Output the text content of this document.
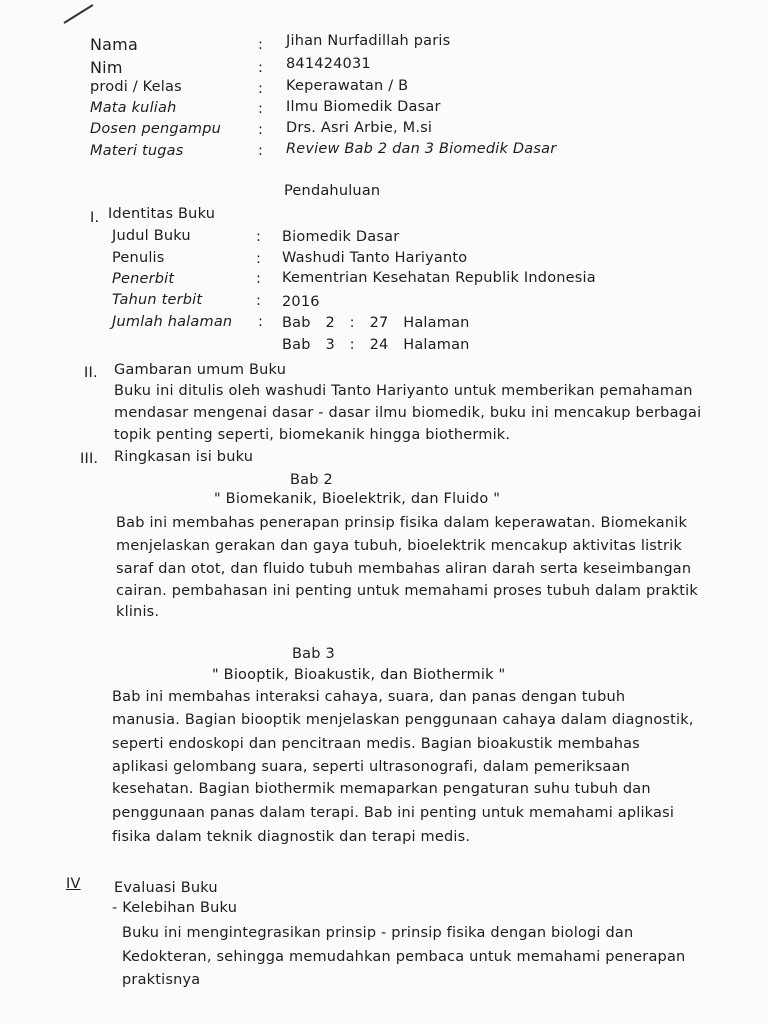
Nama	: Jihan Nurfadillah paris
Nim	: 841424031
prodi / Kelas	: Keperawatan / B
Mata kuliah	: Ilmu Biomedik Dasar
Dosen pengampu	: Drs. Asri Arbie, M.si
Materi tugas	: Review Bab 2 dan 3 Biomedik Dasar
Pendahuluan
I. Identitas Buku
Judul Buku	: Biomedik Dasar
Penulis	: Washudi Tanto Hariyanto
Penerbit	: Kementrian Kesehatan Republik Indonesia
Tahun terbit	: 2016
Jumlah halaman : Bab 2 : 27 Halaman
Bab 3 : 24 Halaman
II. Gambaran umum Buku
Buku ini ditulis oleh washudi Tanto Hariyanto untuk memberikan pemahaman
mendasar mengenai dasar - dasar ilmu biomedik, buku ini mencakup berbagai
topik penting seperti, biomekanik hingga biothermik.
III. Ringkasan isi buku
Bab 2
" Biomekanik, Bioelektrik, dan Fluido "
Bab ini membahas penerapan prinsip fisika dalam keperawatan. Biomekanik
menjelaskan gerakan dan gaya tubuh, bioelektrik mencakup aktivitas listrik
saraf dan otot, dan fluido tubuh membahas aliran darah serta keseimbangan
cairan. pembahasan ini penting untuk memahami proses tubuh dalam praktik
klinis.
Bab 3
" Biooptik, Bioakustik, dan Biothermik "
Bab ini membahas interaksi cahaya, suara, dan panas dengan tubuh
manusia. Bagian biooptik menjelaskan penggunaan cahaya dalam diagnostik,
seperti endoskopi dan pencitraan medis. Bagian bioakustik membahas
aplikasi gelombang suara, seperti ultrasonografi, dalam pemeriksaan
kesehatan. Bagian biothermik memaparkan pengaturan suhu tubuh dan
penggunaan panas dalam terapi. Bab ini penting untuk memahami aplikasi
fisika dalam teknik diagnostik dan terapi medis.
IV Evaluasi Buku
- Kelebihan Buku
Buku ini mengintegrasikan prinsip - prinsip fisika dengan biologi dan
Kedokteran, sehingga memudahkan pembaca untuk memahami penerapan
praktisnya
